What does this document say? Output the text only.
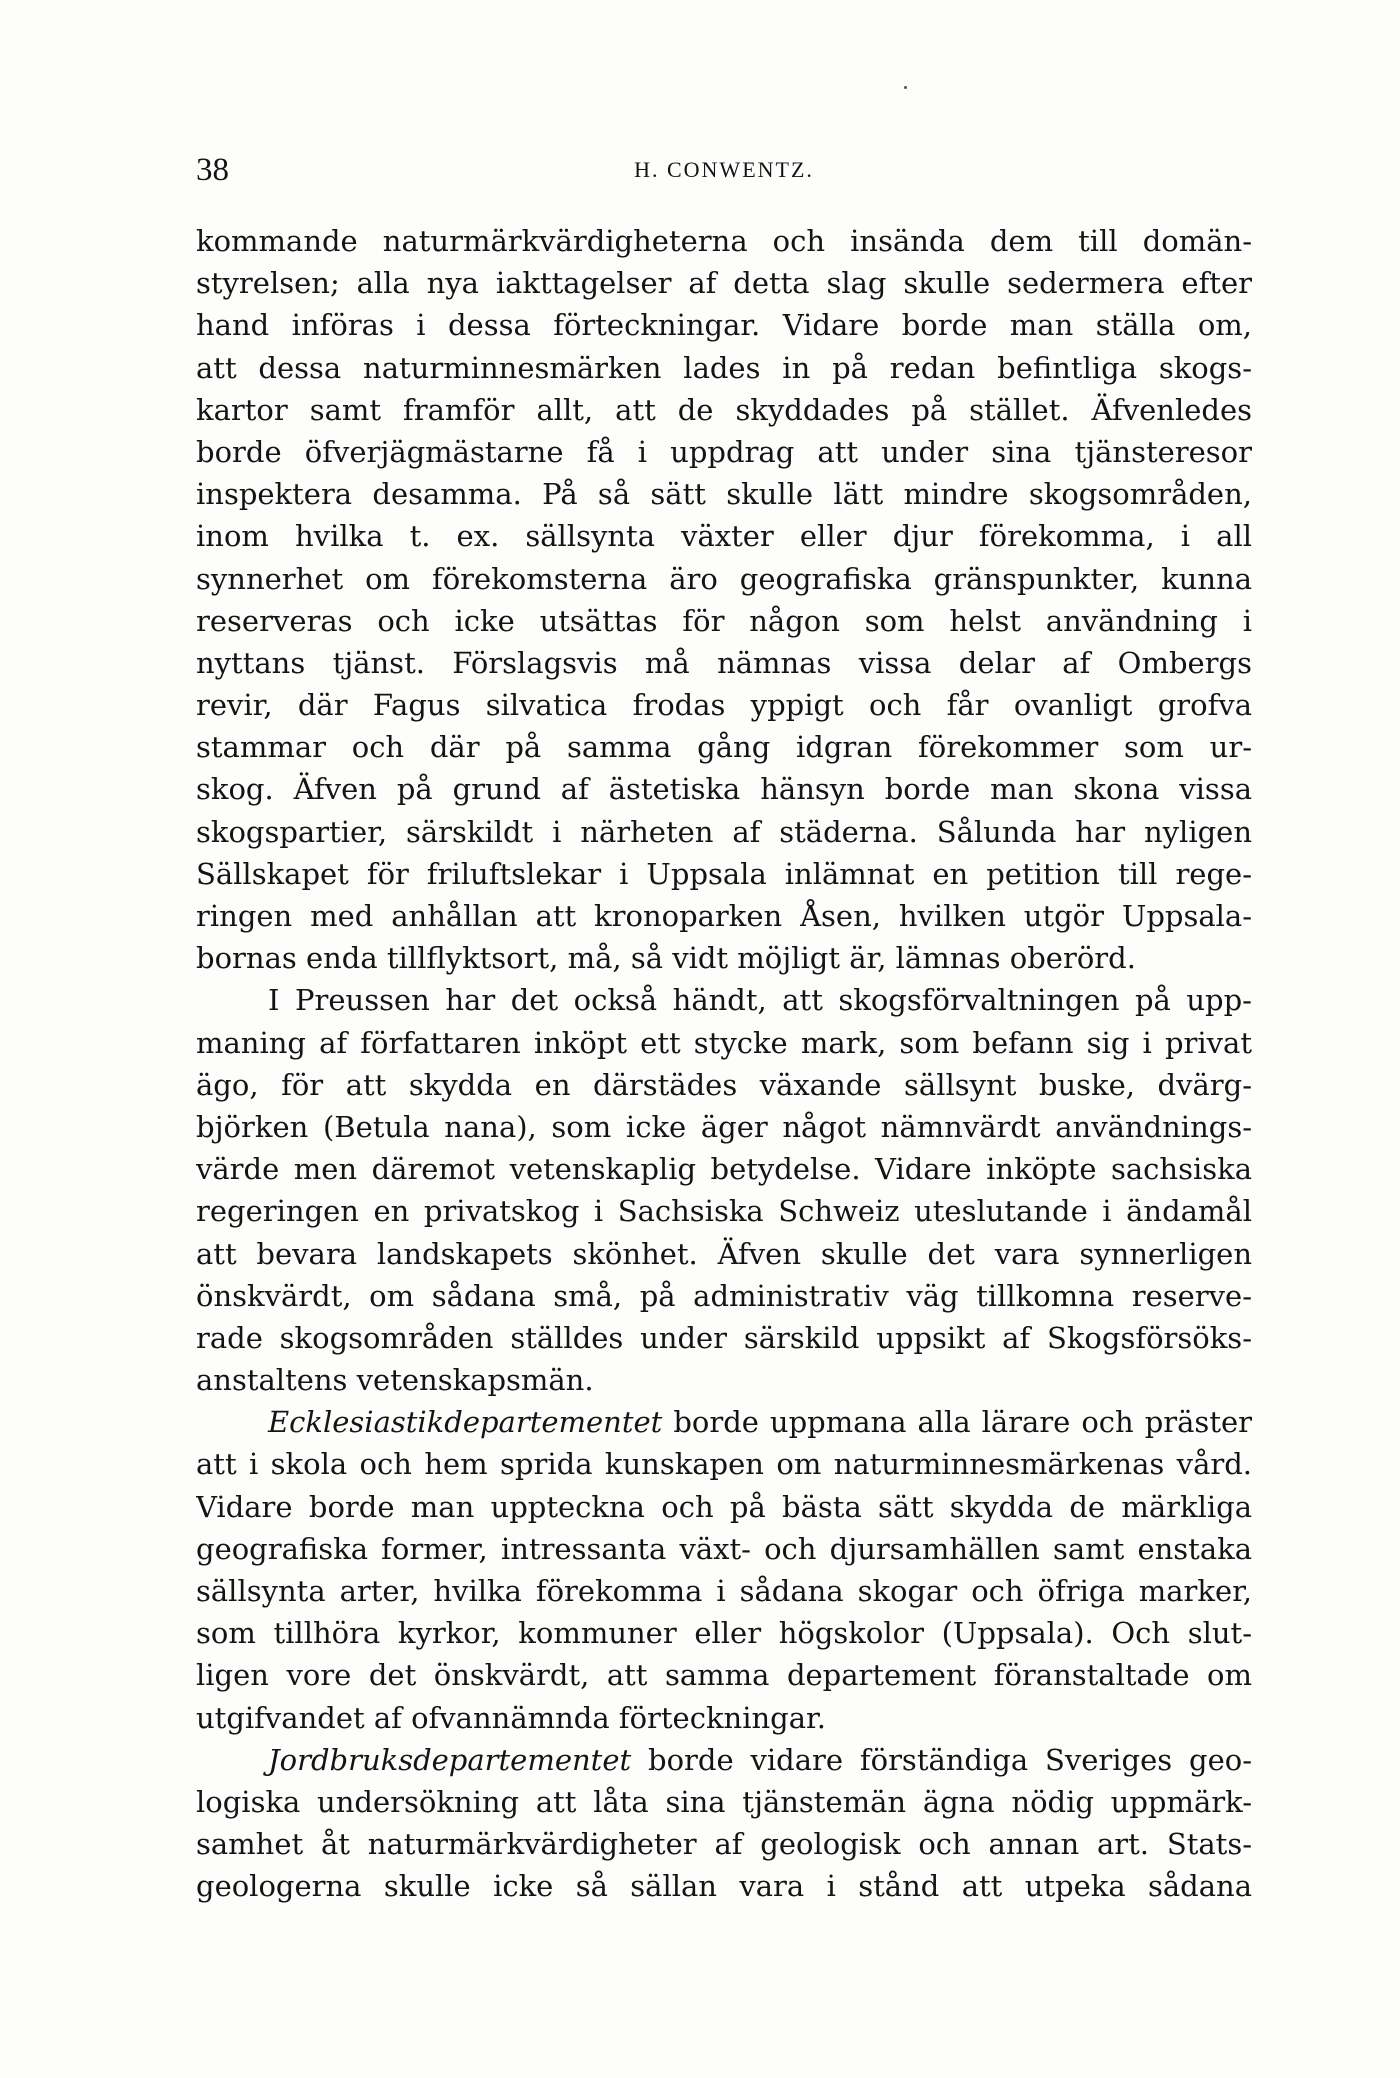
38	H. CONWENTZ.
kommande naturmärkvärdigheterna och insända dem till domän-
styrelsen; alla nya iakttagelser af detta slag skulle sedermera efter
hand införas i dessa förteckningar. Vidare borde man ställa om,
att dessa naturminnesmärken lades in på redan befintliga skogs-
kartor samt framför allt, att de skyddades på stället. Äfvenledes
borde öfverjägmästarne få i uppdrag att under sina tjänsteresor
inspektera desamma. På så sätt skulle lätt mindre skogsområden,
inom hvilka t. ex. sällsynta växter eller djur förekomma, i all
synnerhet om förekomsterna äro geografiska gränspunkter, kunna
reserveras och icke utsättas för någon som helst användning i
nyttans tjänst. Förslagsvis må nämnas vissa delar af Ombergs
revir, där Fagus silvatica frodas yppigt och får ovanligt grofva
stammar och där på samma gång idgran förekommer som ur-
skog. Äfven på grund af ästetiska hänsyn borde man skona vissa
skogspartier, särskildt i närheten af städerna. Sålunda har nyligen
Sällskapet för friluftslekar i Uppsala inlämnat en petition till rege-
ringen med anhållan att kronoparken Åsen, hvilken utgör Uppsala-
bornas enda tillflyktsort, må, så vidt möjligt är, lämnas oberörd.
I Preussen har det också händt, att skogsförvaltningen på upp-
maning af författaren inköpt ett stycke mark, som befann sig i privat
ägo, för att skydda en därstädes växande sällsynt buske, dvärg-
björken (Betula nana), som icke äger något nämnvärdt användnings-
värde men däremot vetenskaplig betydelse. Vidare inköpte sachsiska
regeringen en privatskog i Sachsiska Schweiz uteslutande i ändamål
att bevara landskapets skönhet. Äfven skulle det vara synnerligen
önskvärdt, om sådana små, på administrativ väg tillkomna reserve-
rade skogsområden ställdes under särskild uppsikt af Skogsförsöks-
anstaltens vetenskapsmän.
Ecklesiastikdepartementet borde uppmana alla lärare och präster
att i skola och hem sprida kunskapen om naturminnesmärkenas vård.
Vidare borde man uppteckna och på bästa sätt skydda de märkliga
geografiska former, intressanta växt- och djursamhällen samt enstaka
sällsynta arter, hvilka förekomma i sådana skogar och öfriga marker,
som tillhöra kyrkor, kommuner eller högskolor (Uppsala). Och slut-
ligen vore det önskvärdt, att samma departement föranstaltade om
utgifvandet af ofvannämnda förteckningar.
Jordbruksdepartementet borde vidare förständiga Sveriges geo-
logiska undersökning att låta sina tjänstemän ägna nödig uppmärk-
samhet åt naturmärkvärdigheter af geologisk och annan art. Stats-
geologerna skulle icke så sällan vara i stånd att utpeka sådana
